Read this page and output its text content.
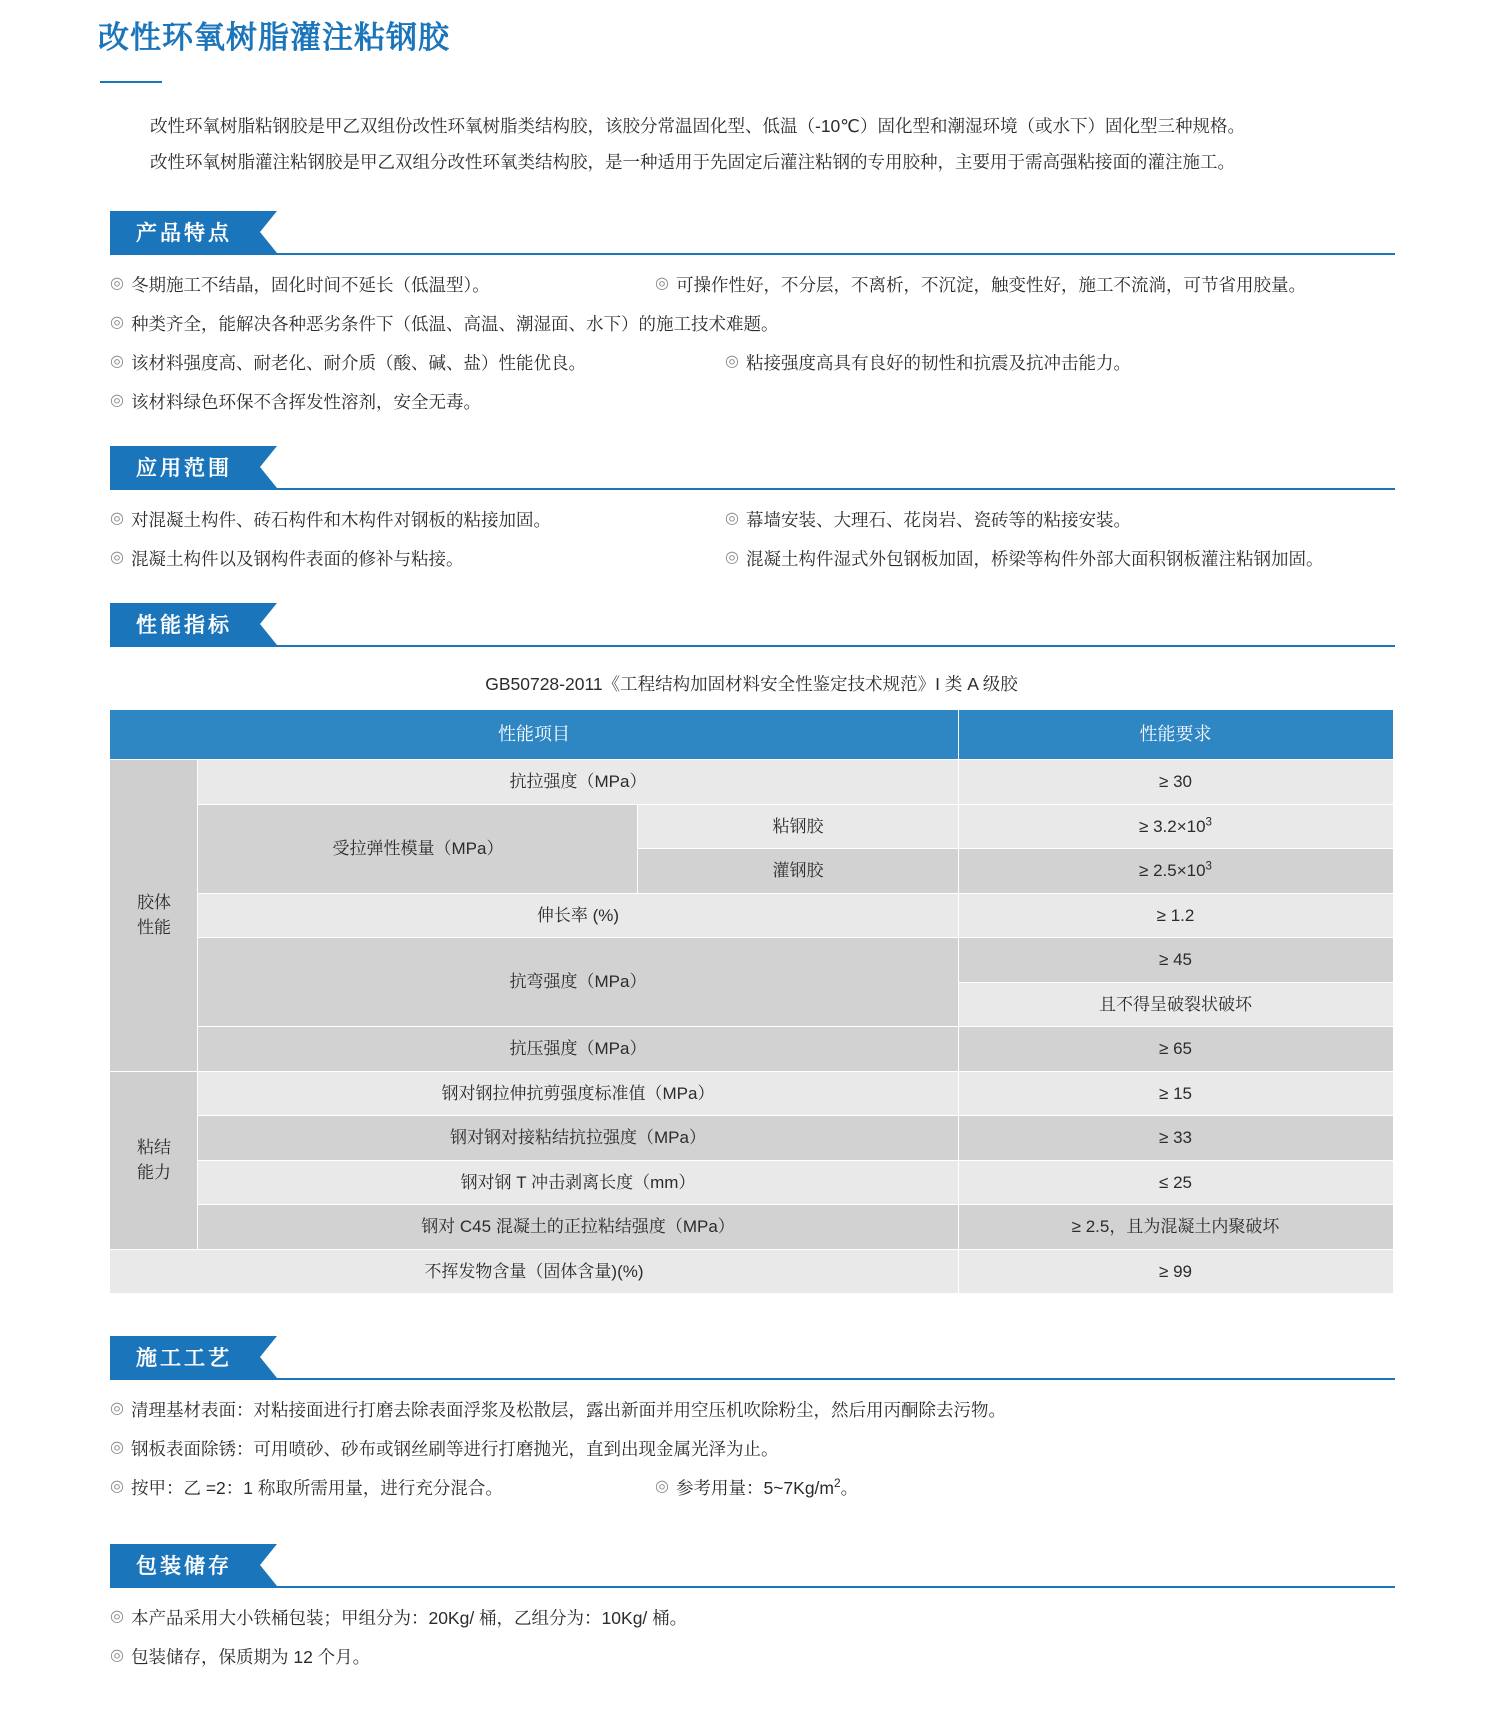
改性环氧树脂灌注粘钢胶

改性环氧树脂粘钢胶是甲乙双组份改性环氧树脂类结构胶，该胶分常温固化型、低温（-10℃）固化型和潮湿环境（或水下）固化型三种规格。

改性环氧树脂灌注粘钢胶是甲乙双组分改性环氧类结构胶，是一种适用于先固定后灌注粘钢的专用胶种，主要用于需高强粘接面的灌注施工。

产品特点
◎ 冬期施工不结晶，固化时间不延长（低温型）。	◎ 可操作性好，不分层，不离析，不沉淀，触变性好，施工不流淌，可节省用胶量。
◎ 种类齐全，能解决各种恶劣条件下（低温、高温、潮湿面、水下）的施工技术难题。
◎ 该材料强度高、耐老化、耐介质（酸、碱、盐）性能优良。	◎ 粘接强度高具有良好的韧性和抗震及抗冲击能力。
◎ 该材料绿色环保不含挥发性溶剂，安全无毒。
应用范围
◎ 对混凝土构件、砖石构件和木构件对钢板的粘接加固。	◎ 幕墙安装、大理石、花岗岩、瓷砖等的粘接安装。
◎ 混凝土构件以及钢构件表面的修补与粘接。	◎ 混凝土构件湿式外包钢板加固，桥梁等构件外部大面积钢板灌注粘钢加固。
性能指标
GB50728-2011《工程结构加固材料安全性鉴定技术规范》I 类 A 级胶
性能项目			性能要求

胶体
性能	抗拉强度（MPa）		≥ 30
	受拉弹性模量（MPa）	粘钢胶	≥ $3.2\times 10^3$
		灌钢胶	≥ $2.5\times 10^3$
	伸长率 (%)		≥ 1.2
	抗弯强度（MPa）		≥ 45
			且不得呈破裂状破坏
	抗压强度（MPa）		≥ 65

粘结
能力	钢对钢拉伸抗剪强度标准值（MPa）		≥ 15
	钢对钢对接粘结抗拉强度（MPa）		≥ 33
	钢对钢 T 冲击剥离长度（mm）		≤ 25
	钢对 C45 混凝土的正拉粘结强度（MPa）		≥ 2.5，且为混凝土内聚破坏
不挥发物含量（固体含量)(%)			≥ 99
施工工艺
◎ 清理基材表面：对粘接面进行打磨去除表面浮浆及松散层，露出新面并用空压机吹除粉尘，然后用丙酮除去污物。
◎ 钢板表面除锈：可用喷砂、砂布或钢丝刷等进行打磨抛光，直到出现金属光泽为止。
◎ 按甲：乙 =2：1 称取所需用量，进行充分混合。	◎ 参考用量：$5\sim 7Kg/m^2$。
包装储存
◎ 本产品采用大小铁桶包装；甲组分为：20Kg/ 桶，乙组分为：10Kg/ 桶。
◎ 包装储存，保质期为 12 个月。
